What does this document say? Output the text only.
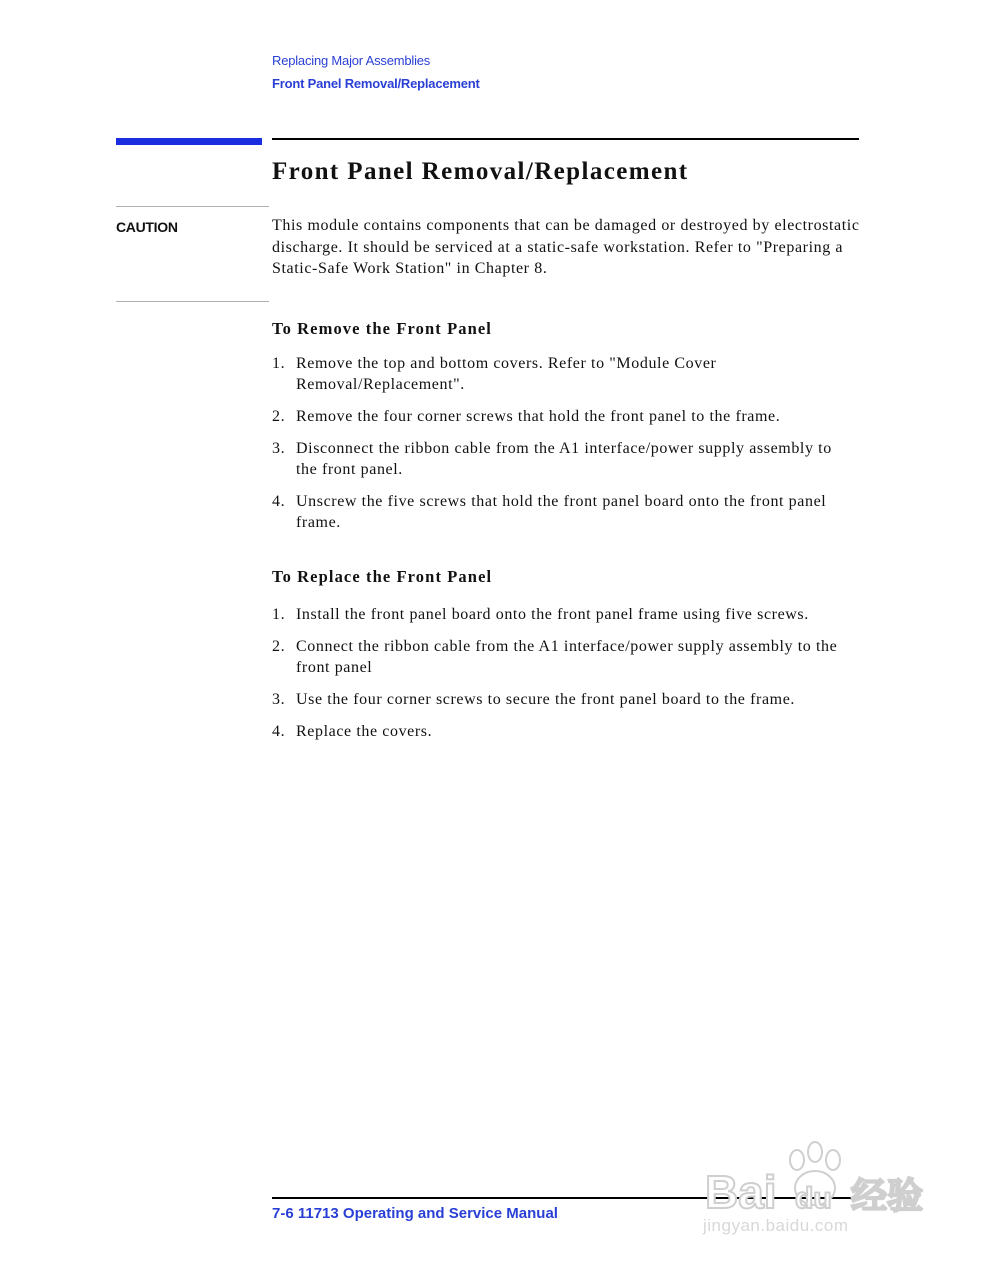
Replacing Major Assemblies
Front Panel Removal/Replacement
Front Panel Removal/Replacement
CAUTION	This module contains components that can be damaged or destroyed by electrostatic discharge. It should be serviced at a static-safe workstation. Refer to "Preparing a Static-Safe Work Station" in Chapter 8.

To Remove the Front Panel
1. Remove the top and bottom covers. Refer to "Module Cover Removal/Replacement".
2. Remove the four corner screws that hold the front panel to the frame.
3. Disconnect the ribbon cable from the A1 interface/power supply assembly to the front panel.
4. Unscrew the five screws that hold the front panel board onto the front panel frame.
To Replace the Front Panel
1. Install the front panel board onto the front panel frame using five screws.
2. Connect the ribbon cable from the A1 interface/power supply assembly to the front panel
3. Use the four corner screws to secure the front panel board to the frame.
4. Replace the covers.
7-6 11713 Operating and Service Manual	Bai du 经验
jingyan.baidu.com
